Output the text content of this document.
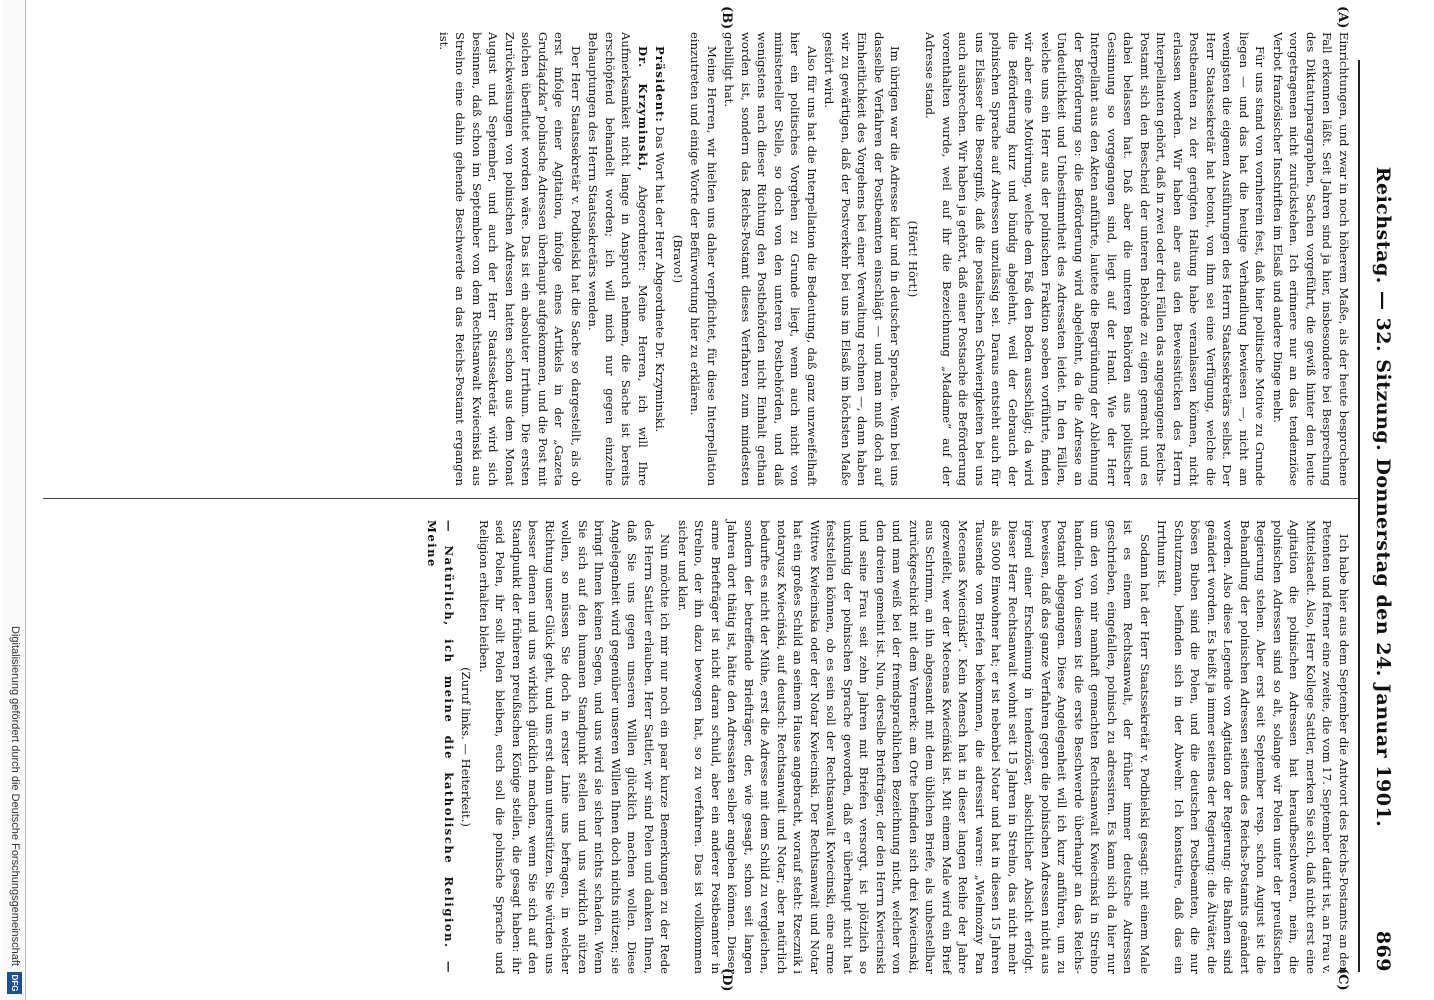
Reichstag. — 32. Sitzung. Donnerstag den 24. Januar 1901.
869
(A)
(B)
(C)
(D)

Einrichtungen, und zwar in noch höherem Maße, als der heute besprochene Fall erkennen läßt. Seit Jahren sind ja hier, insbesondere bei Besprechung des Diktaturparagraphen, Sachen vorgeführt, die gewiß hinter den heute vorgetragenen nicht zurückstehen. Ich erinnere nur an das tendenziöse Verbot französischer Inschriften im Elsaß und andere Dinge mehr.

Für uns stand von vornherein fest, daß hier politische Motive zu Grunde liegen — und das hat die heutige Verhandlung bewiesen —, nicht am wenigsten die eigenen Ausführungen des Herrn Staatssekretärs selbst. Der Herr Staatssekretär hat betont, von ihm sei eine Verfügung, welche die Postbeamten zu der gerügten Haltung habe veranlassen können, nicht erlassen worden. Wir haben aber aus den Beweisstücken des Herrn Interpellanten gehört, daß in zwei oder drei Fällen das angegangene Reichs-Postamt sich den Bescheid der unteren Behörde zu eigen gemacht und es dabei belassen hat. Daß aber die unteren Behörden aus politischer Gesinnung so vorgegangen sind, liegt auf der Hand. Wie der Herr Interpellant aus den Akten anführte, lautete die Begründung der Ablehnung der Beförderung so: die Beförderung wird abgelehnt, da die Adresse an Undeutlichkeit und Unbestimmtheit des Adressaten leidet. In den Fällen, welche uns ein Herr aus der polnischen Fraktion soeben vorführte, finden wir aber eine Motivirung, welche dem Faß den Boden ausschlägt; da wird die Beförderung kurz und bündig abgelehnt, weil der Gebrauch der polnischen Sprache auf Adressen unzulässig sei. Daraus entsteht auch für uns Elsässer die Besorgniß, daß die postalischen Schwierigkeiten bei uns auch ausbrechen. Wir haben ja gehört, daß einer Postsache die Beförderung vorenthalten wurde, weil auf ihr die Bezeichnung „Madame“ auf der Adresse stand.

(Hört! Hört!)

Im übrigen war die Adresse klar und in deutscher Sprache. Wenn bei uns dasselbe Verfahren der Postbeamten einschlägt — und man muß doch auf Einheitlichkeit des Vorgehens bei einer Verwaltung rechnen —, dann haben wir zu gewärtigen, daß der Postverkehr bei uns im Elsaß im höchsten Maße gestört wird.

Also für uns hat die Interpellation die Bedeutung, daß ganz unzweifelhaft hier ein politisches Vorgehen zu Grunde liegt, wenn auch nicht von ministerieller Stelle, so doch von den unteren Postbehörden, und daß wenigstens nach dieser Richtung den Postbehörden nicht Einhalt gethan worden ist, sondern das Reichs-Postamt dieses Verfahren zum mindesten gebilligt hat.

Meine Herren, wir hielten uns daher verpflichtet, für diese Interpellation einzutreten und einige Worte der Befürwortung hier zu erklären.

(Bravo!)

Präsident: Das Wort hat der Herr Abgeordnete Dr. Krzyminski.

Dr. Krzyminski, Abgeordneter: Meine Herren, ich will Ihre Aufmerksamkeit nicht lange in Anspruch nehmen, die Sache ist bereits erschöpfend behandelt worden; ich will mich nur gegen einzelne Behauptungen des Herrn Staatssekretärs wenden.

Der Herr Staatssekretär v. Podbielski hat die Sache so dargestellt, als ob erst infolge einer Agitation, infolge eines Artikels in der „Gazeta Grudziądzka“ polnische Adressen überhaupt aufgekommen, und die Post mit solchen überflutet worden wäre. Das ist ein absoluter Irrthum. Die ersten Zurückweisungen von polnischen Adressen hatten schon aus dem Monat August und September, und auch der Herr Staatssekretär wird sich besinnen, daß schon im September von dem Rechtsanwalt Kwiecinski aus Strelno eine dahin gehende Beschwerde an das Reichs-Postamt ergangen ist.

Ich habe hier aus dem September die Antwort des Reichs-Postamts an den Petenten und ferner eine zweite, die vom 17. September datirt ist, an Frau v. Mittelstaedt. Also, Herr Kollege Sattler, merken Sie sich, daß nicht erst eine Agitation die polnischen Adressen hat heraufbeschworen, nein, die polnischen Adressen sind so alt, solange wir Polen unter der preußischen Regierung stehen. Aber erst seit September resp. schon August ist die Behandlung der polnischen Adressen seitens des Reichs-Postamts geändert worden. Also diese Legende von Agitation der Regierung: die Bahnen sind geändert worden. Es heißt ja immer seitens der Regierung: die Ältväter, die bösen Buben sind die Polen, und die deutschen Postbeamten, die nur Schutzmann, befinden sich in der Abwehr. Ich konstatire, daß das ein Irrthum ist.

Sodann hat der Herr Staatssekretär v. Podbielski gesagt: mit einem Male ist es einem Rechtsanwalt, der früher immer deutsche Adressen geschrieben, eingefallen, polnisch zu adressiren. Es kann sich da hier nur um den von mir namhaft gemachten Rechtsanwalt Kwiecinski in Strelno handeln. Von diesem ist die erste Beschwerde überhaupt an das Reichs-Postamt abgegangen. Diese Angelegenheit will ich kurz anführen, um zu beweisen, daß das ganze Verfahren gegen die polnischen Adressen nicht aus irgend einer Erscheinung in tendenziöser, absichtlicher Absicht erfolgt. Dieser Herr Rechtsanwalt wohnt seit 15 Jahren in Strelno, das nicht mehr als 5000 Einwohner hat; er ist nebenbei Notar und hat in diesen 15 Jahren Tausende von Briefen bekommen, die adressirt waren: „Wielmożny Pan Mecenas Kwieciński“. Kein Mensch hat in dieser langen Reihe der Jahre gezweifelt, wer der Mecenas Kwieciński ist. Mit einem Male wird ein Brief aus Schrimm, an ihn abgesandt mit dem üblichen Briefe, als unbestellbar zurückgeschickt mit dem Vermerk: am Orte befinden sich drei Kwiecinski, und man weiß bei der fremdsprachlichen Bezeichnung nicht, welcher von den dreien gemeint ist. Nun, derselbe Briefträger, der den Herrn Kwiecinski und seine Frau seit zehn Jahren mit Briefen versorgt, ist plötzlich so unkundig der polnischen Sprache geworden, daß er überhaupt nicht hat feststellen können, ob es sein soll der Rechtsanwalt Kwiecinski, eine arme Wittwe Kwiecinska oder der Notar Kwiecinski. Der Rechtsanwalt und Notar hat ein großes Schild an seinem Hause angebracht, worauf steht: Rzecznik i notaryusz Kwieciński, auf deutsch: Rechtsanwalt und Notar; aber natürlich bedurfte es nicht der Mühe, erst die Adresse mit dem Schild zu vergleichen, sondern der betreffende Briefträger, der, wie gesagt, schon seit langen Jahren dort thätig ist, hätte den Adressaten selber angeben können. Dieser arme Briefträger ist nicht daran schuld, aber ein anderer Postbeamter in Strelno, der ihn dazu bewogen hat, so zu verfahren. Das ist vollkommen sicher und klar.

Nun möchte ich mir nur noch ein paar kurze Bemerkungen zu der Rede des Herrn Sattler erlauben. Herr Sattler, wir sind Polen und danken Ihnen, daß Sie uns gegen unseren Willen glücklich machen wollen. Diese Angelegenheit wird gegenüber unseren Willen Ihnen doch nichts nützen; sie bringt Ihnen keinen Segen, und uns wird sie sicher nichts schaden. Wenn Sie sich auf den humanen Standpunkt stellen und uns wirklich nützen wollen, so müssen Sie doch in erster Linie uns befragen, in welcher Richtung unser Glück geht, und uns erst dann unterstützen. Sie würden uns besser dienen und uns wirklich glücklich machen, wenn Sie sich auf den Standpunkt der früheren preußischen Könige stellen, die gesagt haben: ihr seid Polen, ihr sollt Polen bleiben, euch soll die polnische Sprache und Religion erhalten bleiben.

(Zuruf links. — Heiterkeit.)

— Natürlich, ich meine die katholische Religion. — Meine

Digitalisierung gefördert durch die Deutsche Forschungsgemeinschaft
DFG
